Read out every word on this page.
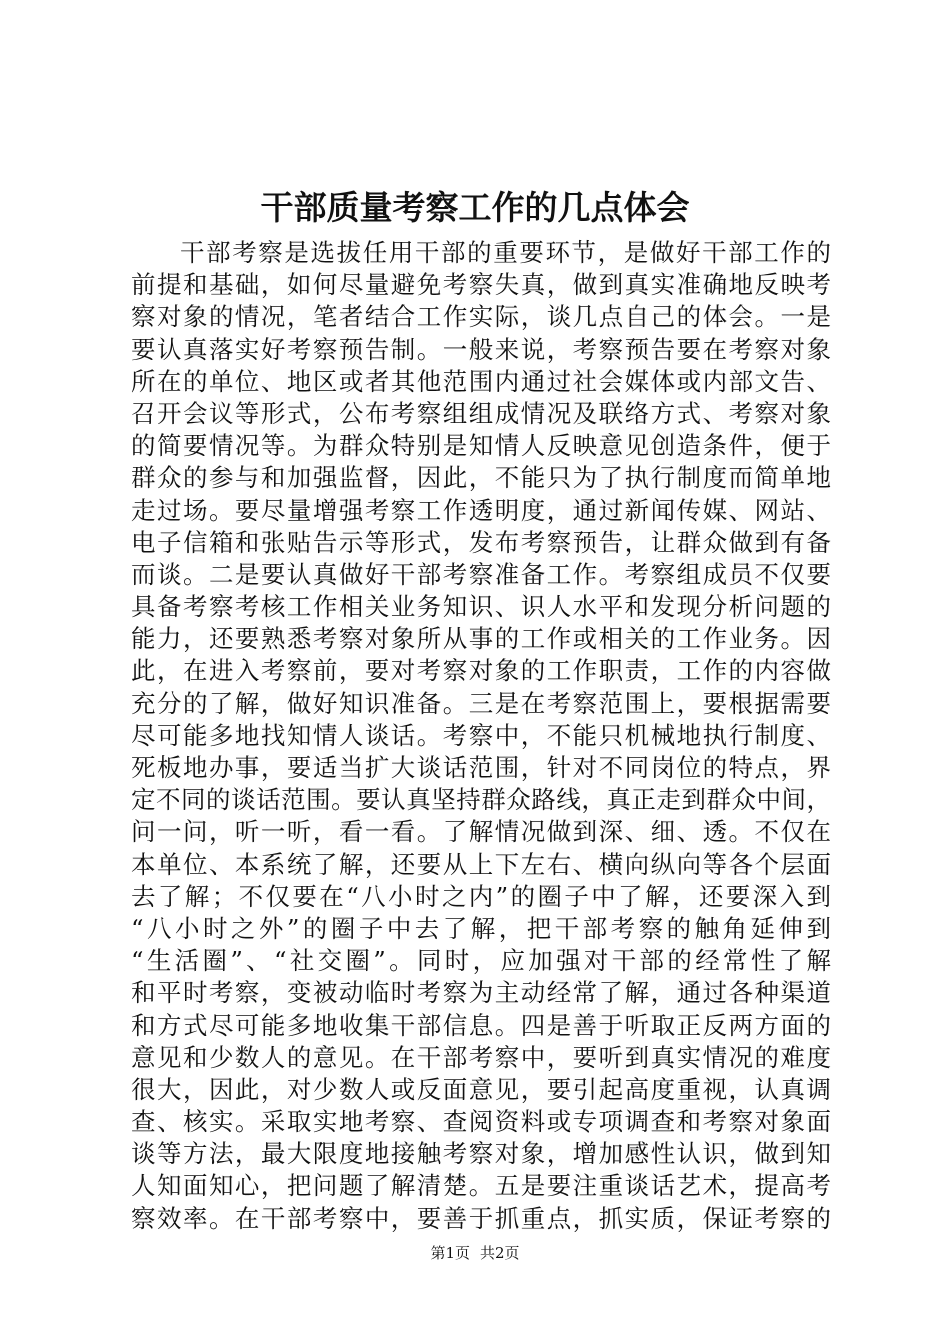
干部质量考察工作的几点体会
干部考察是选拔任用干部的重要环节，是做好干部工作的
前提和基础，如何尽量避免考察失真，做到真实准确地反映考
察对象的情况，笔者结合工作实际，谈几点自己的体会。一是
要认真落实好考察预告制。一般来说，考察预告要在考察对象
所在的单位、地区或者其他范围内通过社会媒体或内部文告、
召开会议等形式，公布考察组组成情况及联络方式、考察对象
的简要情况等。为群众特别是知情人反映意见创造条件，便于
群众的参与和加强监督，因此，不能只为了执行制度而简单地
走过场。要尽量增强考察工作透明度，通过新闻传媒、网站、
电子信箱和张贴告示等形式，发布考察预告，让群众做到有备
而谈。二是要认真做好干部考察准备工作。考察组成员不仅要
具备考察考核工作相关业务知识、识人水平和发现分析问题的
能力，还要熟悉考察对象所从事的工作或相关的工作业务。因
此，在进入考察前，要对考察对象的工作职责，工作的内容做
充分的了解，做好知识准备。三是在考察范围上，要根据需要
尽可能多地找知情人谈话。考察中，不能只机械地执行制度、
死板地办事，要适当扩大谈话范围，针对不同岗位的特点，界
定不同的谈话范围。要认真坚持群众路线，真正走到群众中间，
问一问，听一听，看一看。了解情况做到深、细、透。不仅在
本单位、本系统了解，还要从上下左右、横向纵向等各个层面
去了解；不仅要在“八小时之内”的圈子中了解，还要深入到
“八小时之外”的圈子中去了解，把干部考察的触角延伸到
“生活圈”、“社交圈”。同时，应加强对干部的经常性了解
和平时考察，变被动临时考察为主动经常了解，通过各种渠道
和方式尽可能多地收集干部信息。四是善于听取正反两方面的
意见和少数人的意见。在干部考察中，要听到真实情况的难度
很大，因此，对少数人或反面意见，要引起高度重视，认真调
查、核实。采取实地考察、查阅资料或专项调查和考察对象面
谈等方法，最大限度地接触考察对象，增加感性认识，做到知
人知面知心，把问题了解清楚。五是要注重谈话艺术，提高考
察效率。在干部考察中，要善于抓重点，抓实质，保证考察的
第1页 共2页
